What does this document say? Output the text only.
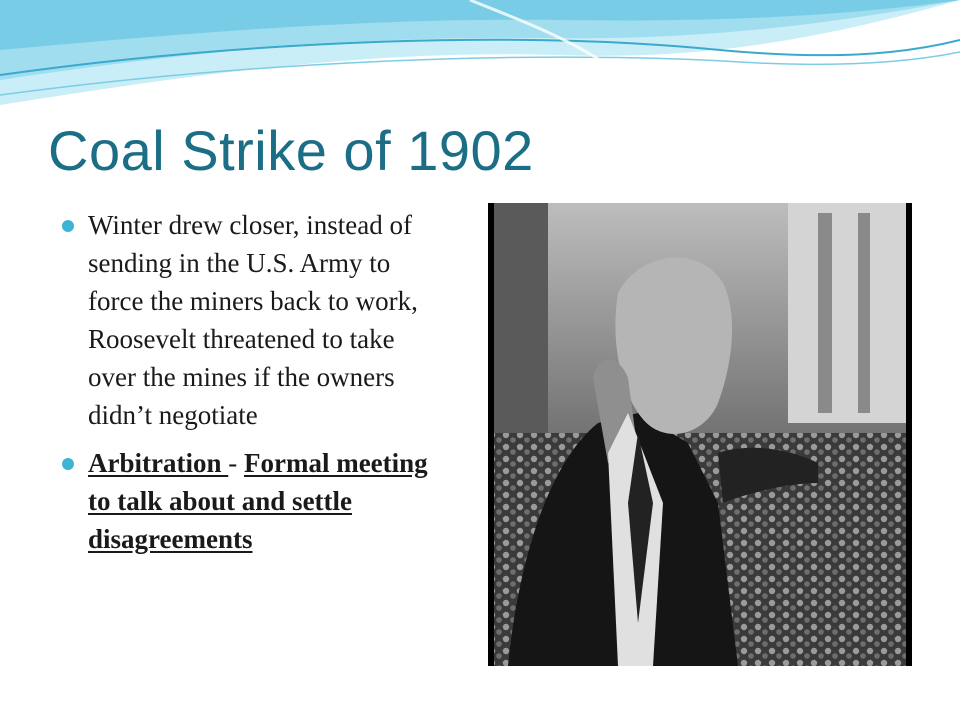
Coal Strike of 1902
Winter drew closer, instead of sending in the U.S. Army to force the miners back to work, Roosevelt threatened to take over the mines if the owners didn’t negotiate
Arbitration - Formal meeting to talk about and settle disagreements
